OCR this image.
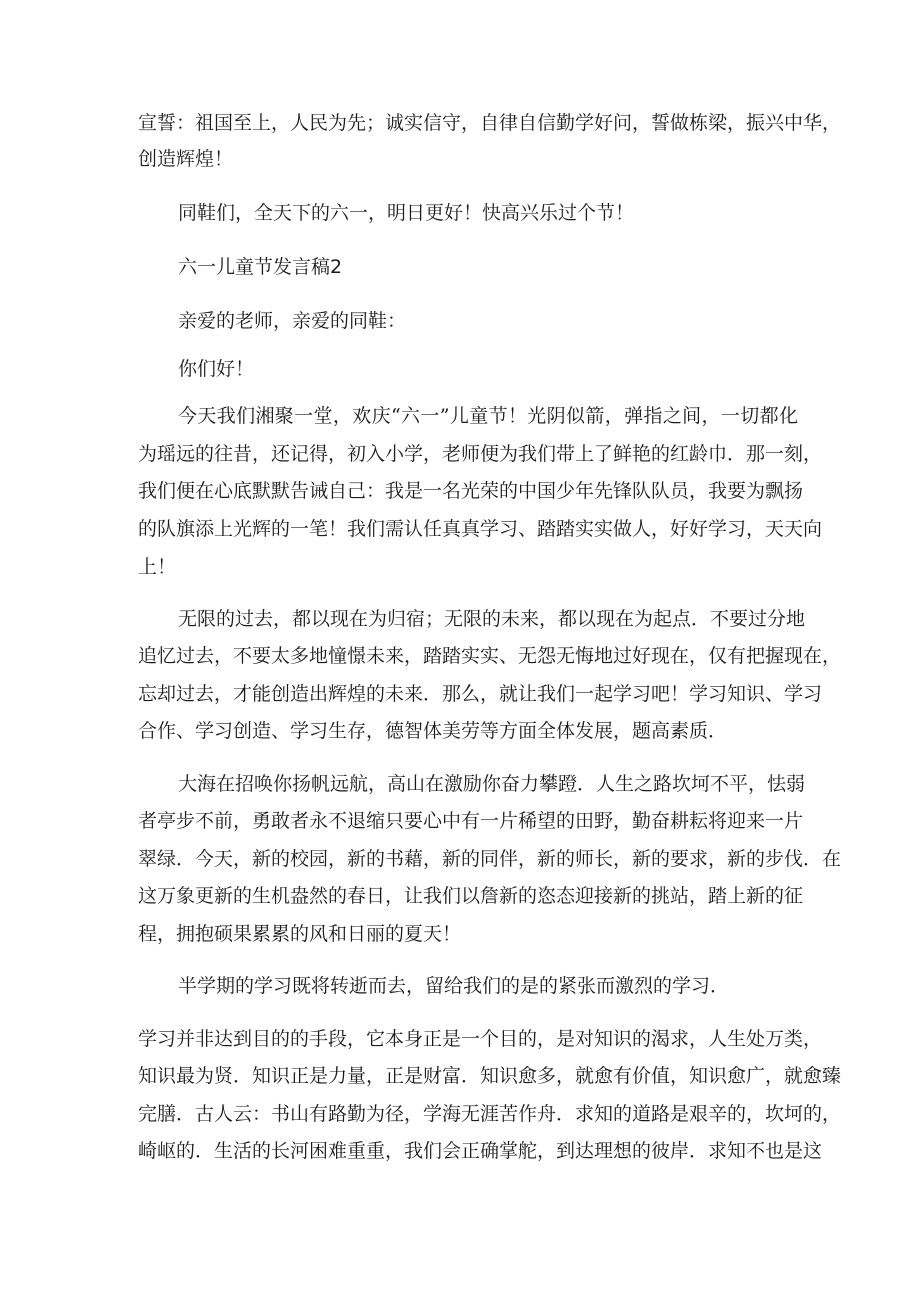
宣誓：祖国至上，人民为先；诚实信守，自律自信勤学好问，誓做栋梁，振兴中华，
创造辉煌！
同鞋们，全天下的六一，明日更好！快高兴乐过个节！
六一儿童节发言稿2
亲爱的老师，亲爱的同鞋：
你们好！
今天我们湘聚一堂，欢庆“六一”儿童节！光阴似箭，弹指之间，一切都化
为瑶远的往昔，还记得，初入小学，老师便为我们带上了鲜艳的红龄巾．那一刻，
我们便在心底默默告诫自己：我是一名光荣的中国少年先锋队队员，我要为飘扬
的队旗添上光辉的一笔！我们需认任真真学习、踏踏实实做人，好好学习，天天向
上！
无限的过去，都以现在为归宿；无限的未来，都以现在为起点．不要过分地
追忆过去，不要太多地憧憬未来，踏踏实实、无怨无悔地过好现在，仅有把握现在，
忘却过去，才能创造出辉煌的未来．那么，就让我们一起学习吧！学习知识、学习
合作、学习创造、学习生存，德智体美劳等方面全体发展，题高素质．
大海在招唤你扬帆远航，高山在激励你奋力攀蹬．人生之路坎坷不平，怯弱
者亭步不前，勇敢者永不退缩只要心中有一片稀望的田野，勤奋耕耘将迎来一片
翠绿．今天，新的校园，新的书藉，新的同伴，新的师长，新的要求，新的步伐．在
这万象更新的生机盎然的春日，让我们以詹新的恣态迎接新的挑站，踏上新的征
程，拥抱硕果累累的风和日丽的夏天！
半学期的学习既将转逝而去，留给我们的是的紧张而激烈的学习．
学习并非达到目的的手段，它本身正是一个目的，是对知识的渴求，人生处万类，
知识最为贤．知识正是力量，正是财富．知识愈多，就愈有价值，知识愈广，就愈臻
完膳．古人云：书山有路勤为径，学海无涯苦作舟．求知的道路是艰辛的，坎坷的，
崎岖的．生活的长河困难重重，我们会正确掌舵，到达理想的彼岸．求知不也是这
